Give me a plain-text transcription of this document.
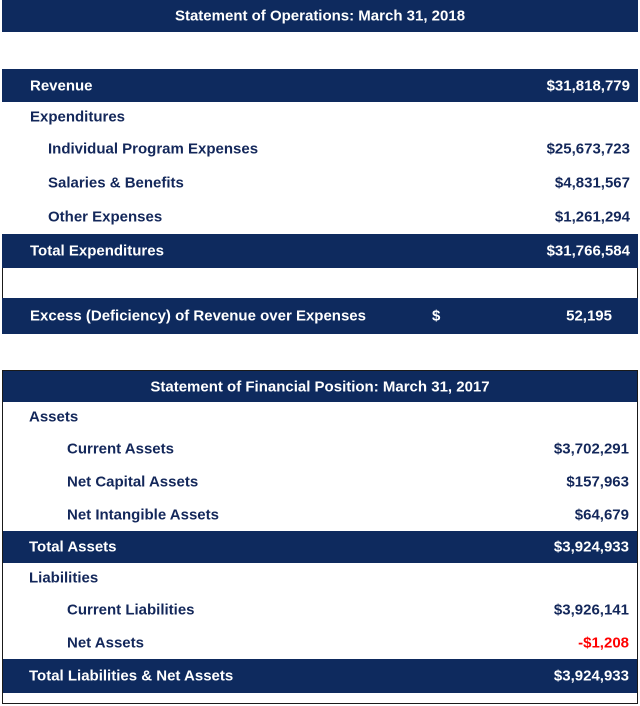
Statement of Operations: March 31, 2018
Revenue	$31,818,779
Expenditures
Individual Program Expenses	$25,673,723
Salaries & Benefits	$4,831,567
Other Expenses	$1,261,294
Total Expenditures	$31,766,584
Excess (Deficiency) of Revenue over Expenses	$	52,195
Statement of Financial Position: March 31, 2017
Assets
Current Assets	$3,702,291
Net Capital Assets	$157,963
Net Intangible Assets	$64,679
Total Assets	$3,924,933
Liabilities
Current Liabilities	$3,926,141
Net Assets	-$1,208
Total Liabilities & Net Assets	$3,924,933
